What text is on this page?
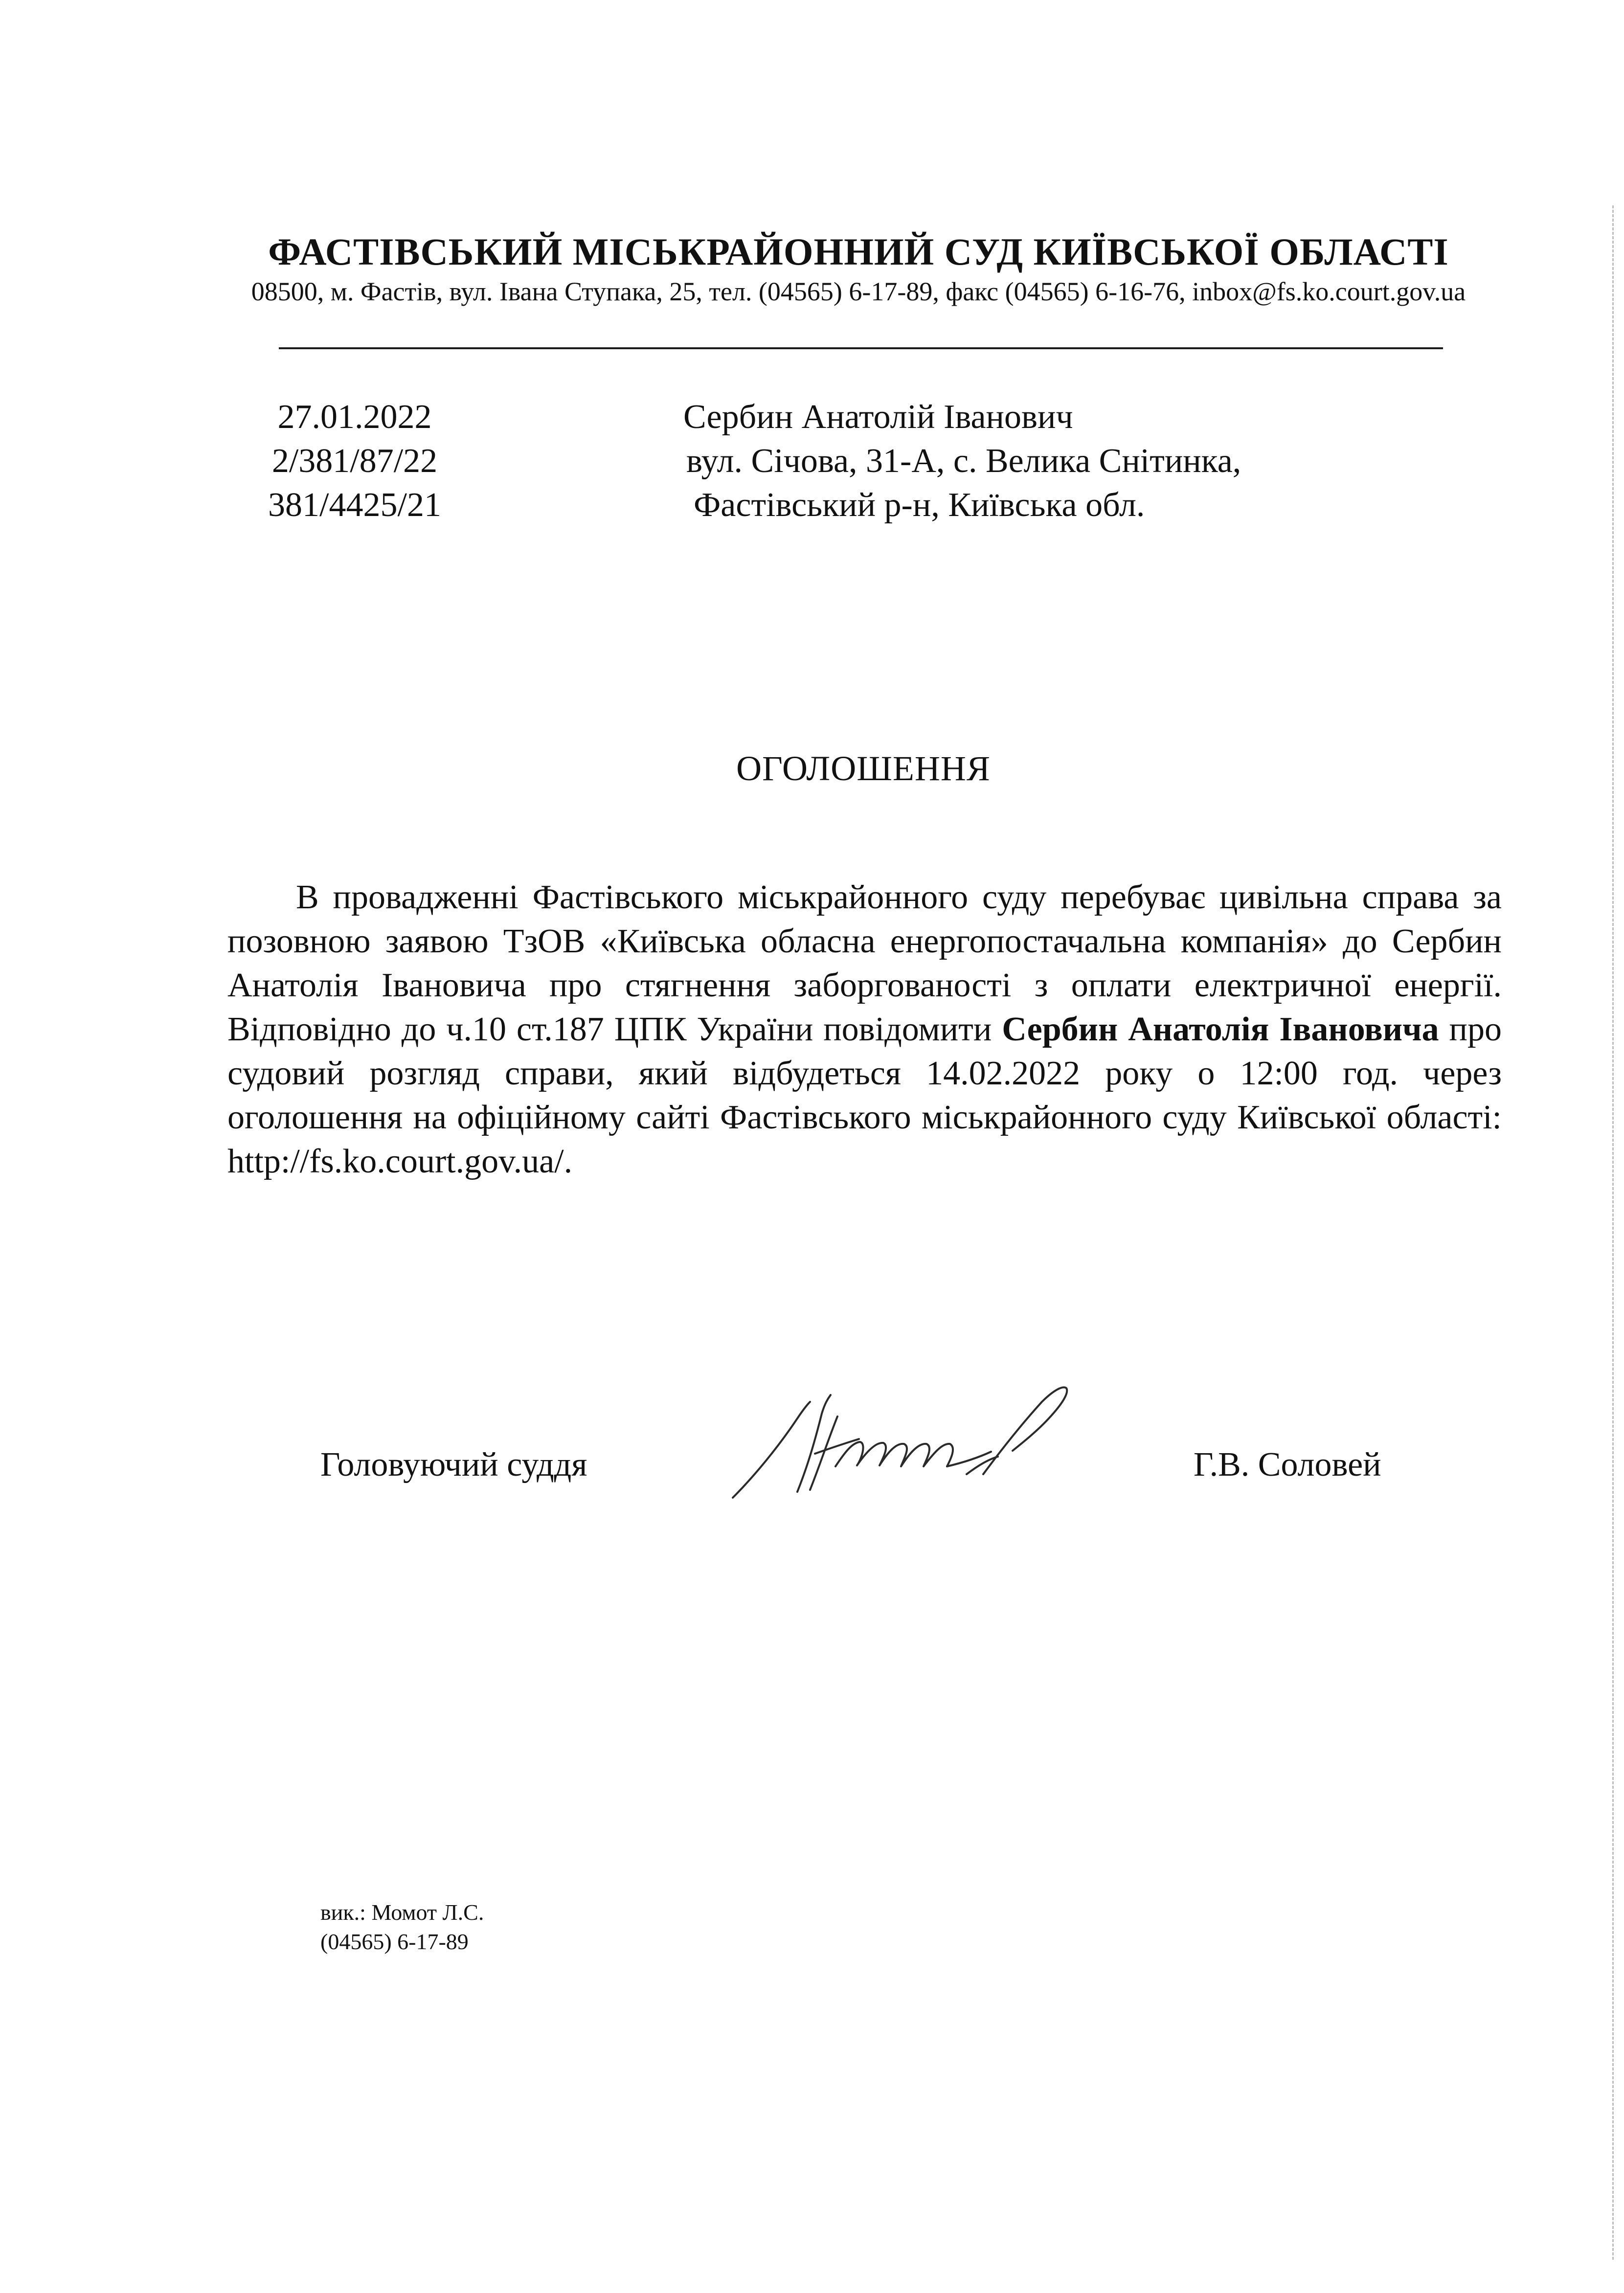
ФАСТІВСЬКИЙ МІСЬКРАЙОННИЙ СУД КИЇВСЬКОЇ ОБЛАСТІ
08500, м. Фастів, вул. Івана Ступака, 25, тел. (04565) 6-17-89, факс (04565) 6-16-76, inbox@fs.ko.court.gov.ua
27.01.2022
2/381/87/22
381/4425/21
Сербин Анатолій Іванович
вул. Січова, 31-А, с. Велика Снітинка,
Фастівський р-н, Київська обл.
ОГОЛОШЕННЯ

В провадженні Фастівського міськрайонного суду перебуває цивільна справа за позовною заявою ТзОВ «Київська обласна енергопостачальна компанія» до Сербин Анатолія Івановича про стягнення заборгованості з оплати електричної енергії. Відповідно до ч.10 ст.187 ЦПК України повідомити Сербин Анатолія Івановича про судовий розгляд справи, який відбудеться 14.02.2022 року о 12:00 год. через оголошення на офіційному сайті Фастівського міськрайонного суду Київської області: http://fs.ko.court.gov.ua/.

Головуючий суддя	Г.В. Соловей
вик.: Момот Л.С.
(04565) 6-17-89
